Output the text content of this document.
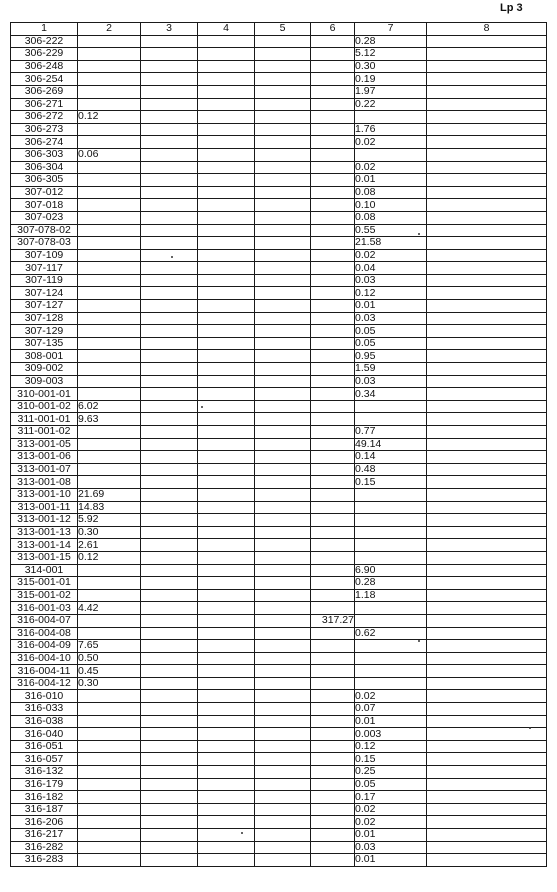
Lp 3
1	2	3	4	5	6	7	8
306-222						0.28	
306-229						5.12	
306-248						0.30	
306-254						0.19	
306-269						1.97	
306-271						0.22	
306-272	0.12						
306-273						1.76	
306-274						0.02	
306-303	0.06						
306-304						0.02	
306-305						0.01	
307-012						0.08	
307-018						0.10	
307-023						0.08	
307-078-02						0.55	
307-078-03						21.58	
307-109						0.02	
307-117						0.04	
307-119						0.03	
307-124						0.12	
307-127						0.01	
307-128						0.03	
307-129						0.05	
307-135						0.05	
308-001						0.95	
309-002						1.59	
309-003						0.03	
310-001-01						0.34	
310-001-02	6.02						
311-001-01	9.63						
311-001-02						0.77	
313-001-05						49.14	
313-001-06						0.14	
313-001-07						0.48	
313-001-08						0.15	
313-001-10	21.69						
313-001-11	14.83						
313-001-12	5.92						
313-001-13	0.30						
313-001-14	2.61						
313-001-15	0.12						
314-001						6.90	
315-001-01						0.28	
315-001-02						1.18	
316-001-03	4.42						
316-004-07					317.27		
316-004-08						0.62	
316-004-09	7.65						
316-004-10	0.50						
316-004-11	0.45						
316-004-12	0.30						
316-010						0.02	
316-033						0.07	
316-038						0.01	
316-040						0.003	
316-051						0.12	
316-057						0.15	
316-132						0.25	
316-179						0.05	
316-182						0.17	
316-187						0.02	
316-206						0.02	
316-217						0.01	
316-282						0.03	
316-283						0.01	
